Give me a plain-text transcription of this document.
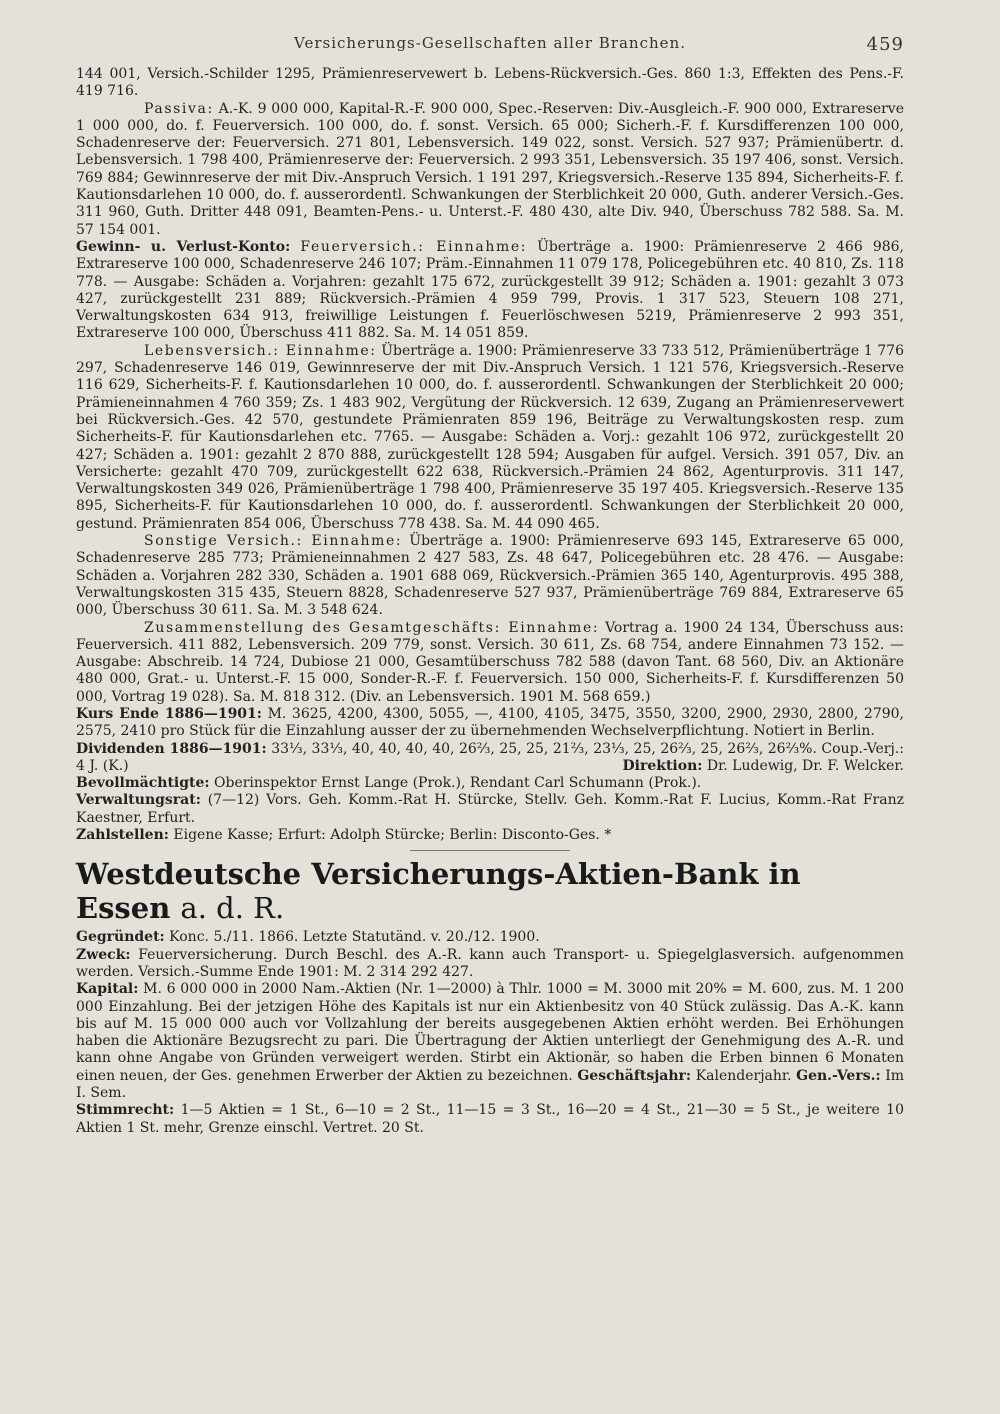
Versicherungs-Gesellschaften aller Branchen.	459

144 001, Versich.-Schilder 1295, Prämienreservewert b. Lebens-Rückversich.-Ges. 860 1:3, Effekten des Pens.-F. 419 716.

Passiva: A.-K. 9 000 000, Kapital-R.-F. 900 000, Spec.-Reserven: Div.-Ausgleich.-F. 900 000, Extrareserve 1 000 000, do. f. Feuerversich. 100 000, do. f. sonst. Versich. 65 000; Sicherh.-F. f. Kursdifferenzen 100 000, Schadenreserve der: Feuerversich. 271 801, Lebensversich. 149 022, sonst. Versich. 527 937; Prämienübertr. d. Lebensversich. 1 798 400, Prämienreserve der: Feuerversich. 2 993 351, Lebensversich. 35 197 406, sonst. Versich. 769 884; Gewinnreserve der mit Div.-Anspruch Versich. 1 191 297, Kriegsversich.-Reserve 135 894, Sicherheits-F. f. Kautionsdarlehen 10 000, do. f. ausserordentl. Schwankungen der Sterblichkeit 20 000, Guth. anderer Versich.-Ges. 311 960, Guth. Dritter 448 091, Beamten-Pens.- u. Unterst.-F. 480 430, alte Div. 940, Überschuss 782 588. Sa. M. 57 154 001.

Gewinn- u. Verlust-Konto: Feuerversich.: Einnahme: Überträge a. 1900: Prämienreserve 2 466 986, Extrareserve 100 000, Schadenreserve 246 107; Präm.-Einnahmen 11 079 178, Policegebühren etc. 40 810, Zs. 118 778. — Ausgabe: Schäden a. Vorjahren: gezahlt 175 672, zurückgestellt 39 912; Schäden a. 1901: gezahlt 3 073 427, zurückgestellt 231 889; Rückversich.-Prämien 4 959 799, Provis. 1 317 523, Steuern 108 271, Verwaltungskosten 634 913, freiwillige Leistungen f. Feuerlöschwesen 5219, Prämienreserve 2 993 351, Extrareserve 100 000, Überschuss 411 882. Sa. M. 14 051 859.

Lebensversich.: Einnahme: Überträge a. 1900: Prämienreserve 33 733 512, Prämienüberträge 1 776 297, Schadenreserve 146 019, Gewinnreserve der mit Div.-Anspruch Versich. 1 121 576, Kriegsversich.-Reserve 116 629, Sicherheits-F. f. Kautionsdarlehen 10 000, do. f. ausserordentl. Schwankungen der Sterblichkeit 20 000; Prämieneinnahmen 4 760 359; Zs. 1 483 902, Vergütung der Rückversich. 12 639, Zugang an Prämienreservewert bei Rückversich.-Ges. 42 570, gestundete Prämienraten 859 196, Beiträge zu Verwaltungskosten resp. zum Sicherheits-F. für Kautionsdarlehen etc. 7765. — Ausgabe: Schäden a. Vorj.: gezahlt 106 972, zurückgestellt 20 427; Schäden a. 1901: gezahlt 2 870 888, zurückgestellt 128 594; Ausgaben für aufgel. Versich. 391 057, Div. an Versicherte: gezahlt 470 709, zurückgestellt 622 638, Rückversich.-Prämien 24 862, Agenturprovis. 311 147, Verwaltungskosten 349 026, Prämienüberträge 1 798 400, Prämienreserve 35 197 405. Kriegsversich.-Reserve 135 895, Sicherheits-F. für Kautionsdarlehen 10 000, do. f. ausserordentl. Schwankungen der Sterblichkeit 20 000, gestund. Prämienraten 854 006, Überschuss 778 438. Sa. M. 44 090 465.

Sonstige Versich.: Einnahme: Überträge a. 1900: Prämienreserve 693 145, Extrareserve 65 000, Schadenreserve 285 773; Prämieneinnahmen 2 427 583, Zs. 48 647, Policegebühren etc. 28 476. — Ausgabe: Schäden a. Vorjahren 282 330, Schäden a. 1901 688 069, Rückversich.-Prämien 365 140, Agenturprovis. 495 388, Verwaltungskosten 315 435, Steuern 8828, Schadenreserve 527 937, Prämienüberträge 769 884, Extrareserve 65 000, Überschuss 30 611. Sa. M. 3 548 624.

Zusammenstellung des Gesamtgeschäfts: Einnahme: Vortrag a. 1900 24 134, Überschuss aus: Feuerversich. 411 882, Lebensversich. 209 779, sonst. Versich. 30 611, Zs. 68 754, andere Einnahmen 73 152. — Ausgabe: Abschreib. 14 724, Dubiose 21 000, Gesamtüberschuss 782 588 (davon Tant. 68 560, Div. an Aktionäre 480 000, Grat.- u. Unterst.-F. 15 000, Sonder-R.-F. f. Feuerversich. 150 000, Sicherheits-F. f. Kursdifferenzen 50 000, Vortrag 19 028). Sa. M. 818 312. (Div. an Lebensversich. 1901 M. 568 659.)

Kurs Ende 1886—1901: M. 3625, 4200, 4300, 5055, —, 4100, 4105, 3475, 3550, 3200, 2900, 2930, 2800, 2790, 2575, 2410 pro Stück für die Einzahlung ausser der zu übernehmenden Wechselverpflichtung. Notiert in Berlin.

Dividenden 1886—1901: 33⅓, 33⅓, 40, 40, 40, 40, 26⅔, 25, 25, 21⅔, 23⅓, 25, 26⅔, 25, 26⅔, 26⅔%. Coup.-Verj.: 4 J. (K.)	Direktion: Dr. Ludewig, Dr. F. Welcker.

Bevollmächtigte: Oberinspektor Ernst Lange (Prok.), Rendant Carl Schumann (Prok.).

Verwaltungsrat: (7—12) Vors. Geh. Komm.-Rat H. Stürcke, Stellv. Geh. Komm.-Rat F. Lucius, Komm.-Rat Franz Kaestner, Erfurt.

Zahlstellen: Eigene Kasse; Erfurt: Adolph Stürcke; Berlin: Disconto-Ges. *

Westdeutsche Versicherungs-Aktien-Bank in Essen a. d. R.

Gegründet: Konc. 5./11. 1866. Letzte Statutänd. v. 20./12. 1900.

Zweck: Feuerversicherung. Durch Beschl. des A.-R. kann auch Transport- u. Spiegelglasversich. aufgenommen werden. Versich.-Summe Ende 1901: M. 2 314 292 427.

Kapital: M. 6 000 000 in 2000 Nam.-Aktien (Nr. 1—2000) à Thlr. 1000 = M. 3000 mit 20% = M. 600, zus. M. 1 200 000 Einzahlung. Bei der jetzigen Höhe des Kapitals ist nur ein Aktienbesitz von 40 Stück zulässig. Das A.-K. kann bis auf M. 15 000 000 auch vor Vollzahlung der bereits ausgegebenen Aktien erhöht werden. Bei Erhöhungen haben die Aktionäre Bezugsrecht zu pari. Die Übertragung der Aktien unterliegt der Genehmigung des A.-R. und kann ohne Angabe von Gründen verweigert werden. Stirbt ein Aktionär, so haben die Erben binnen 6 Monaten einen neuen, der Ges. genehmen Erwerber der Aktien zu bezeichnen. Geschäftsjahr: Kalenderjahr. Gen.-Vers.: Im I. Sem.

Stimmrecht: 1—5 Aktien = 1 St., 6—10 = 2 St., 11—15 = 3 St., 16—20 = 4 St., 21—30 = 5 St., je weitere 10 Aktien 1 St. mehr, Grenze einschl. Vertret. 20 St.
